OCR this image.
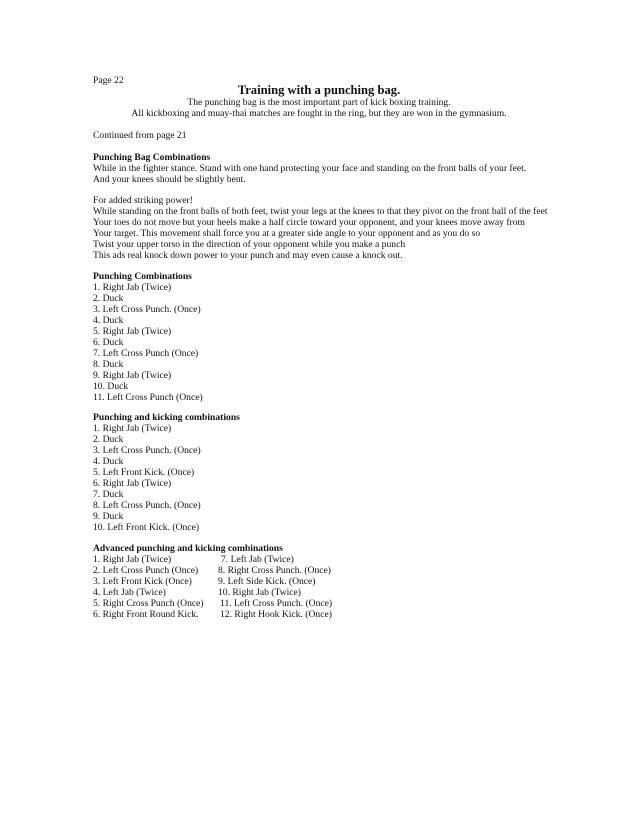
Page 22
Training with a punching bag.
The punching bag is the most important part of kick boxing training.
All kickboxing and muay-thai matches are fought in the ring, but they are won in the gymnasium.
Continued from page 21
Punching Bag Combinations
While in the fighter stance. Stand with one hand protecting your face and standing on the front balls of your feet.
And your knees should be slightly bent.
For added striking power!
While standing on the front balls of both feet, twist your legs at the knees to that they pivot on the front ball of the feet
Your toes do not move but your heels make a half circle toward your opponent, and your knees move away from
Your target. This movement shall force you at a greater side angle to your opponent and as you do so
Twist your upper torso in the direction of your opponent while you make a punch
This ads real knock down power to your punch and may even cause a knock out.
Punching Combinations
1. Right Jab (Twice)
2. Duck
3. Left Cross Punch. (Once)
4. Duck
5. Right Jab (Twice)
6. Duck
7. Left Cross Punch (Once)
8. Duck
9. Right Jab (Twice)
10. Duck
11. Left Cross Punch (Once)
Punching and kicking combinations
1. Right Jab (Twice)
2. Duck
3. Left Cross Punch. (Once)
4. Duck
5. Left Front Kick. (Once)
6. Right Jab (Twice)
7. Duck
8. Left Cross Punch. (Once)
9. Duck
10. Left Front Kick. (Once)
Advanced punching and kicking combinations
1. Right Jab (Twice)
2. Left Cross Punch (Once)
3. Left Front Kick (Once)
4. Left Jab (Twice)
5. Right Cross Punch (Once)
6. Right Front Round Kick.
7. Left Jab (Twice)
8. Right Cross Punch. (Once)
9. Left Side Kick. (Once)
10. Right Jab (Twice)
11. Left Cross Punch. (Once)
12. Right Hook Kick. (Once)
